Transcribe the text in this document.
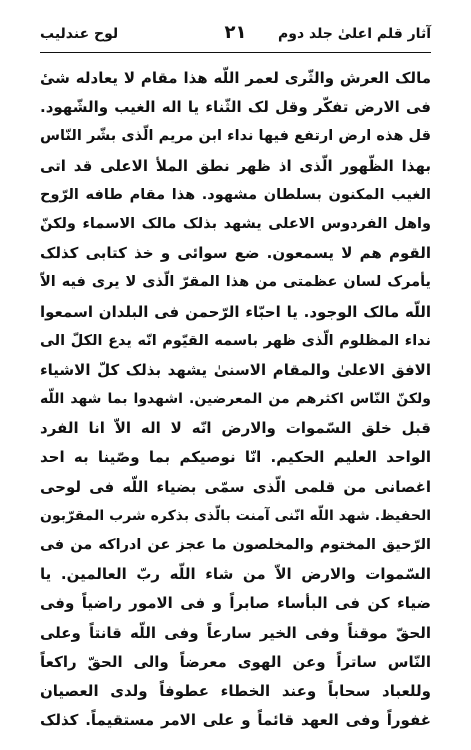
آثار قلم اعلیٰ جلد دوم
۲۱
لوح عندلیب
مالک العرش والثّری لعمر اللّه هذا مقام لا یعادله شیٔ
فی الارض تفکّر وقل لک الثّناء یا اله الغیب والشّهود.
قل هذه ارض ارتفع فیها نداء ابن مریم الّذی بشّر النّاس
بهذا الظّهور الّذی اذ ظهر نطق الملأ الاعلی قد اتی
الغیب المکنون بسلطان مشهود. هذا مقام طافه الرّوح
واهل الفردوس الاعلی یشهد بذلک مالک الاسماء ولکنّ
القوم هم لا یسمعون. ضع سوائی و خذ کتابی کذلک
یأمرک لسان عظمتی من هذا المقرّ الّذی لا یری فیه الاّ
اللّه مالک الوجود. یا احبّاء الرّحمن فی البلدان اسمعوا
نداء المظلوم الّذی ظهر باسمه القیّوم انّه یدع الکلّ الی
الافق الاعلیٰ والمقام الاسنیٰ یشهد بذلک کلّ الاشیاء
ولکنّ النّاس اکثرهم من المعرضین. اشهدوا بما شهد اللّه
قبل خلق السّموات والارض انّه لا اله الاّ انا الفرد
الواحد العلیم الحکیم. انّا نوصیکم بما وصّینا به احد
اغصانی من قلمی الّذی سمّی بضیاء اللّه فی لوحی
الحفیظ. شهد اللّه انّنی آمنت بالّذی بذکره شرب المقرّبون
الرّحیق المختوم والمخلصون ما عجز عن ادراکه من فی
السّموات والارض الاّ من شاء اللّه ربّ العالمین. یا
ضیاء کن فی البأساء صابراً و فی الامور راضیاً وفی
الحقّ موقناً وفی الخیر سارعاً وفی اللّه قانتاً وعلی
النّاس ساتراً وعن الهوی معرضاً والی الحقّ راکعاً
وللعباد سحاباً وعند الخطاء عطوفاً ولدی العصیان
غفوراً وفی العهد قائماً و علی الامر مستقیماً. کذلک
